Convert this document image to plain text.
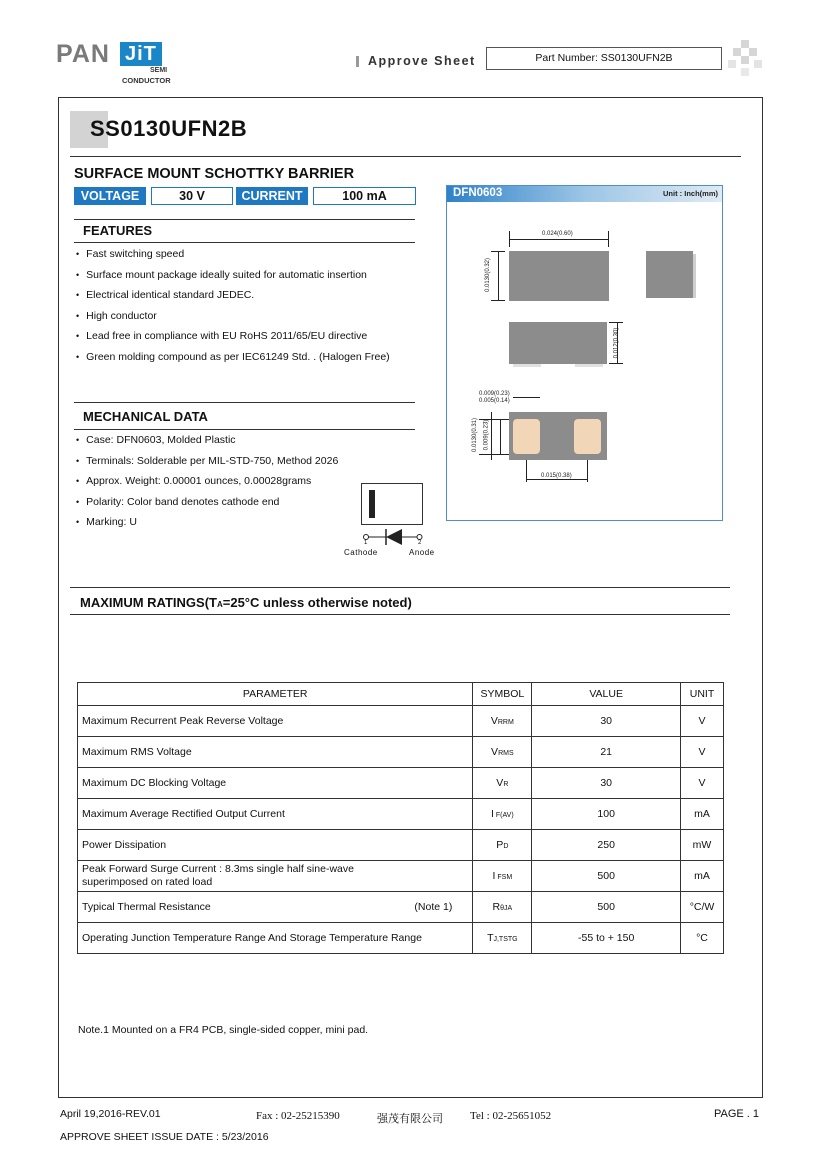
PAN JiT
SEMI
CONDUCTOR
Approve Sheet	Part Number: SS0130UFN2B
SS0130UFN2B
SURFACE MOUNT SCHOTTKY BARRIER
VOLTAGE	30 V	CURRENT	100 mA
FEATURES
• Fast switching speed
• Surface mount package ideally suited for automatic insertion
• Electrical identical standard JEDEC.
• High conductor
• Lead free in compliance with EU RoHS 2011/65/EU directive
• Green molding compound as per IEC61249 Std. . (Halogen Free)
MECHANICAL DATA
• Case: DFN0603, Molded Plastic
• Terminals: Solderable per MIL-STD-750, Method 2026
• Approx. Weight: 0.00001 ounces, 0.00028grams
• Polarity: Color band denotes cathode end
• Marking: U
1	2
Cathode	Anode
DFN0603	Unit : Inch(mm)
0.024(0.60)
0.0130(0.32)
0.012(0.30)
0.009(0.23)
0.005(0.14)
0.0130(0.31) 0.009(0.23)
0.015(0.38)
MAXIMUM RATINGS(TA=25°C unless otherwise noted)
PARAMETER	SYMBOL	VALUE	UNIT
Maximum Recurrent Peak Reverse Voltage	VRRM	30	V
Maximum RMS Voltage	VRMS	21	V
Maximum DC Blocking Voltage	VR	30	V
Maximum Average Rectified Output Current	I F(AV)	100	mA
Power Dissipation	PD	250	mW
Peak Forward Surge Current : 8.3ms single half sine-wave superimposed on rated load	I FSM	500	mA
Typical Thermal Resistance (Note 1)	RθJA	500	°C/W
Operating Junction Temperature Range And Storage Temperature Range	TJ,TSTG	-55 to + 150	°C
Note.1 Mounted on a FR4 PCB, single-sided copper, mini pad.
April 19,2016-REV.01	Fax : 02-25215390	强茂有限公司 Tel : 02-25651052	PAGE . 1
APPROVE SHEET ISSUE DATE : 5/23/2016
